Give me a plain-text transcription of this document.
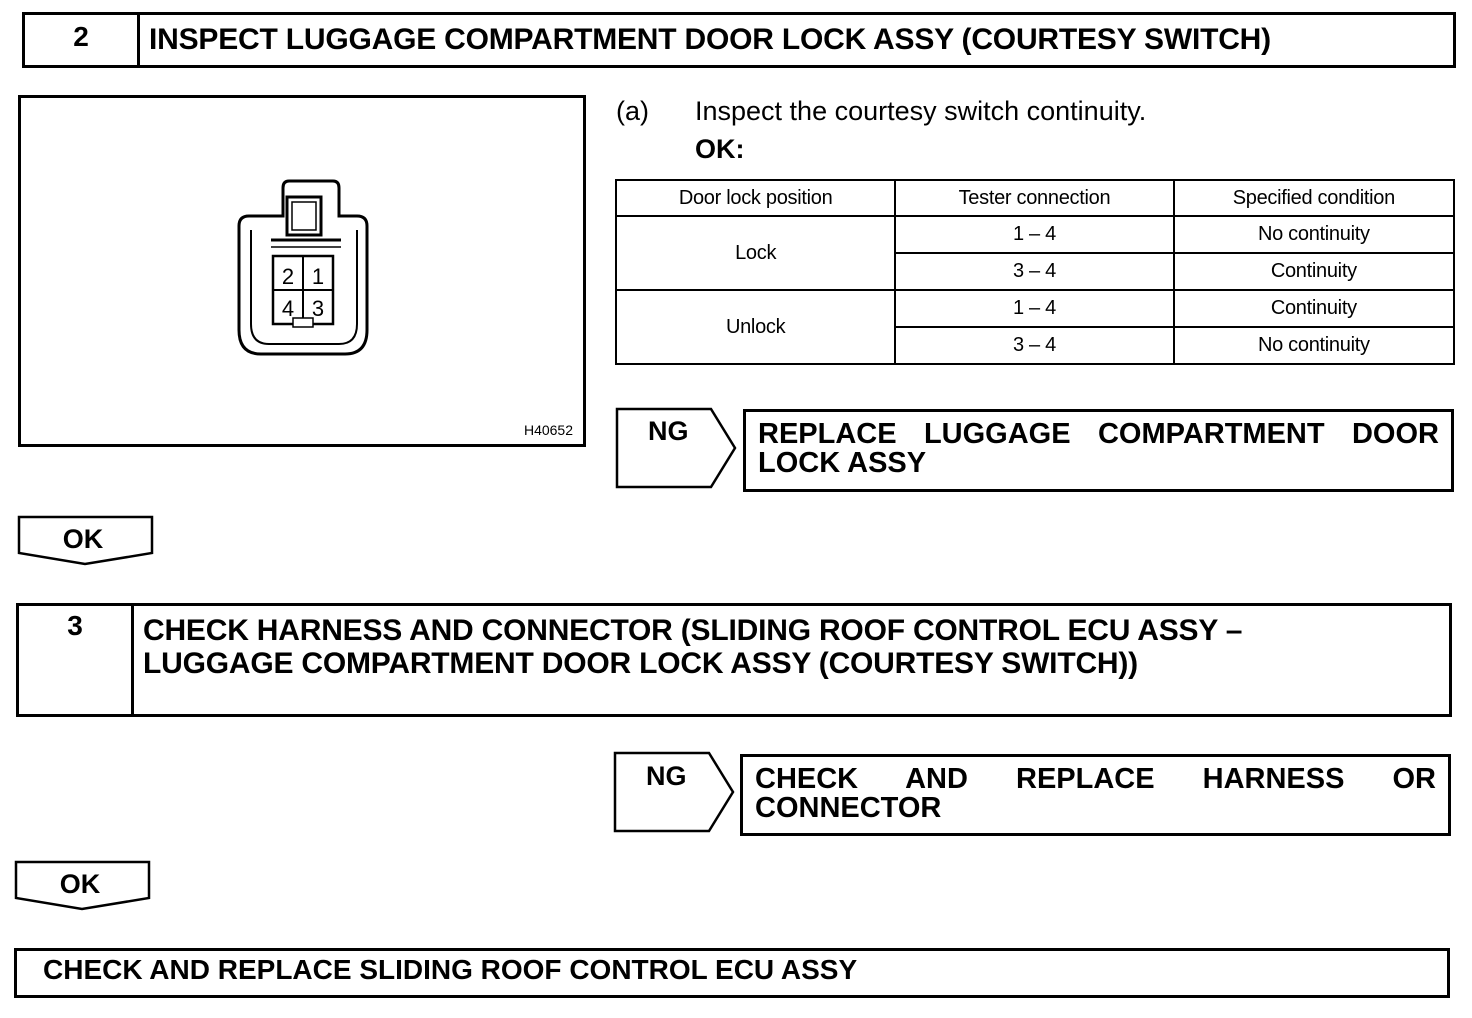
2	INSPECT LUGGAGE COMPARTMENT DOOR LOCK ASSY (COURTESY SWITCH)
2 1
4 3
H40652
(a) Inspect the courtesy switch continuity.
OK:
Door lock position	Tester connection	Specified condition
Lock	1 – 4	No continuity
	3 – 4	Continuity
Unlock	1 – 4	Continuity
	3 – 4	No continuity
NG REPLACE LUGGAGE COMPARTMENT DOOR
LOCK ASSY
OK
3	CHECK HARNESS AND CONNECTOR (SLIDING ROOF CONTROL ECU ASSY –
LUGGAGE COMPARTMENT DOOR LOCK ASSY (COURTESY SWITCH))
NG CHECK AND REPLACE HARNESS OR
CONNECTOR
OK
CHECK AND REPLACE SLIDING ROOF CONTROL ECU ASSY
